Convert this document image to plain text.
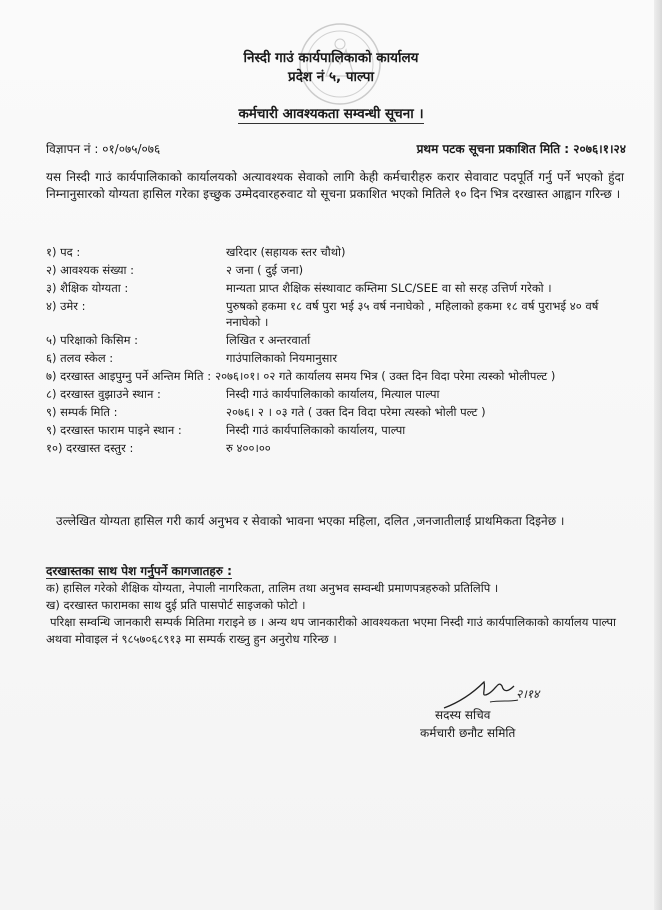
निस्दी गाउं कार्यपालिकाको कार्यालय
प्रदेश नं ५, पाल्पा
कर्मचारी आवश्यकता सम्वन्धी सूचना ।
विज्ञापन नं : ०१/०७५/०७६	प्रथम पटक सूचना प्रकाशित मिति : २०७६।१।२४
यस निस्दी गाउं कार्यपालिकाको कार्यालयको अत्यावश्यक सेवाको लागि केही कर्मचारीहरु करार सेवावाट पदपूर्ति गर्नु पर्ने भएको हुंदा निम्नानुसारको योग्यता हासिल गरेका इच्छुक उम्मेदवारहरुवाट यो सूचना प्रकाशित भएको मितिले १० दिन भित्र दरखास्त आह्वान गरिन्छ ।
१) पद :	खरिदार (सहायक स्तर चौथो)
२) आवश्यक संख्या :	२ जना ( दुई जना)
३) शैक्षिक योग्यता :	मान्यता प्राप्त शैक्षिक संस्थावाट कम्तिमा SLC/SEE वा सो सरह उत्तिर्ण गरेको ।
४) उमेर :	पुरुषको हकमा १८ वर्ष पुरा भई ३५ वर्ष ननाघेको , महिलाको हकमा १८ वर्ष पुराभई ४० वर्ष ननाघेको ।
५) परिक्षाको किसिम :	लिखित र अन्तरवार्ता
६) तलव स्केल :	गाउंपालिकाको नियमानुसार
७) दरखास्त आइपुग्नु पर्ने अन्तिम मिति : २०७६।०१। ०२ गते कार्यालय समय भित्र ( उक्त दिन विदा परेमा त्यस्को भोलीपल्ट )
८) दरखास्त वुझाउने स्थान :	निस्दी गाउं कार्यपालिकाको कार्यालय, मित्याल पाल्पा
९) सम्पर्क मिति :	२०७६। २ । ०३ गते ( उक्त दिन विदा परेमा त्यस्को भोली पल्ट )
९) दरखास्त फाराम पाइने स्थान :	निस्दी गाउं कार्यपालिकाको कार्यालय, पाल्पा
१०) दरखास्त दस्तुर :	रु ४००।००
उल्लेखित योग्यता हासिल गरी कार्य अनुभव र सेवाको भावना भएका महिला, दलित ,जनजातीलाई प्राथमिकता दिइनेछ ।
दरखास्तका साथ पेश गर्नुपर्ने कागजातहरु :
क) हासिल गरेको शैक्षिक योग्यता, नेपाली नागरिकता, तालिम तथा अनुभव सम्वन्धी प्रमाणपत्रहरुको प्रतिलिपि ।
ख) दरखास्त फारामका साथ दुई प्रति पासपोर्ट साइजको फोटो ।
परिक्षा सम्वन्धि जानकारी सम्पर्क मितिमा गराइने छ । अन्य थप जानकारीको आवश्यकता भएमा निस्दी गाउं कार्यपालिकाको कार्यालय पाल्पा अथवा मोवाइल नं ९८५७०६८९१३ मा सम्पर्क राख्नु हुन अनुरोध गरिन्छ ।
२।१४
सदस्य सचिव
कर्मचारी छनौट समिति
